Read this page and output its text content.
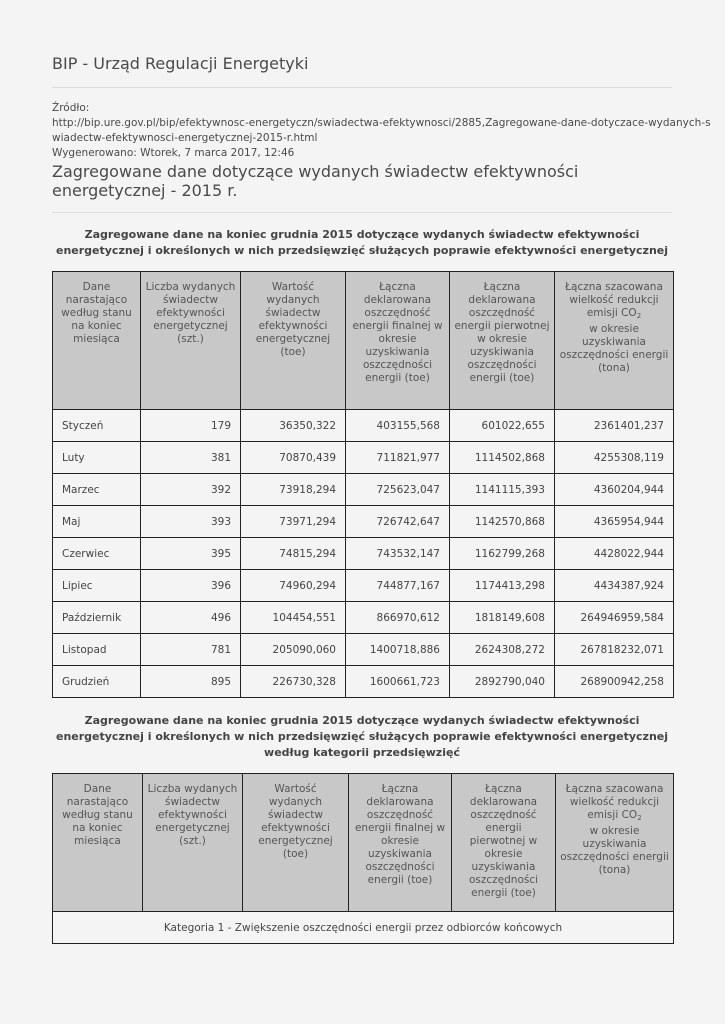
BIP - Urząd Regulacji Energetyki
Źródło:
http://bip.ure.gov.pl/bip/efektywnosc-energetyczn/swiadectwa-efektywnosci/2885,Zagregowane-dane-dotyczace-wydanych-s
wiadectw-efektywnosci-energetycznej-2015-r.html
Wygenerowano: Wtorek, 7 marca 2017, 12:46
Zagregowane dane dotyczące wydanych świadectw efektywności energetycznej - 2015 r.
Zagregowane dane na koniec grudnia 2015 dotyczące wydanych świadectw efektywności energetycznej i określonych w nich przedsięwzięć służących poprawie efektywności energetycznej
Dane narastająco według stanu na koniec miesiąca	Liczba wydanych świadectw efektywności energetycznej (szt.)	Wartość wydanych świadectw efektywności energetycznej (toe)	Łączna deklarowana oszczędność energii finalnej w okresie uzyskiwania oszczędności energii (toe)	Łączna deklarowana oszczędność energii pierwotnej w okresie uzyskiwania oszczędności energii (toe)	Łączna szacowana wielkość redukcji emisji $CO_2$
w okresie uzyskiwania oszczędności energii (tona)
Styczeń	179	36350,322	403155,568	601022,655	2361401,237
Luty	381	70870,439	711821,977	1114502,868	4255308,119
Marzec	392	73918,294	725623,047	1141115,393	4360204,944
Maj	393	73971,294	726742,647	1142570,868	4365954,944
Czerwiec	395	74815,294	743532,147	1162799,268	4428022,944
Lipiec	396	74960,294	744877,167	1174413,298	4434387,924
Październik	496	104454,551	866970,612	1818149,608	264946959,584
Listopad	781	205090,060	1400718,886	2624308,272	267818232,071
Grudzień	895	226730,328	1600661,723	2892790,040	268900942,258
Zagregowane dane na koniec grudnia 2015 dotyczące wydanych świadectw efektywności energetycznej i określonych w nich przedsięwzięć służących poprawie efektywności energetycznej według kategorii przedsięwzięć
Dane narastająco według stanu na koniec miesiąca	Liczba wydanych świadectw efektywności energetycznej (szt.)	Wartość wydanych świadectw efektywności energetycznej (toe)	Łączna deklarowana oszczędność energii finalnej w okresie uzyskiwania oszczędności energii (toe)	Łączna deklarowana oszczędność energii pierwotnej w okresie uzyskiwania oszczędności energii (toe)	Łączna szacowana wielkość redukcji emisji $CO_2$
w okresie uzyskiwania oszczędności energii (tona)
Kategoria 1 - Zwiększenie oszczędności energii przez odbiorców końcowych
